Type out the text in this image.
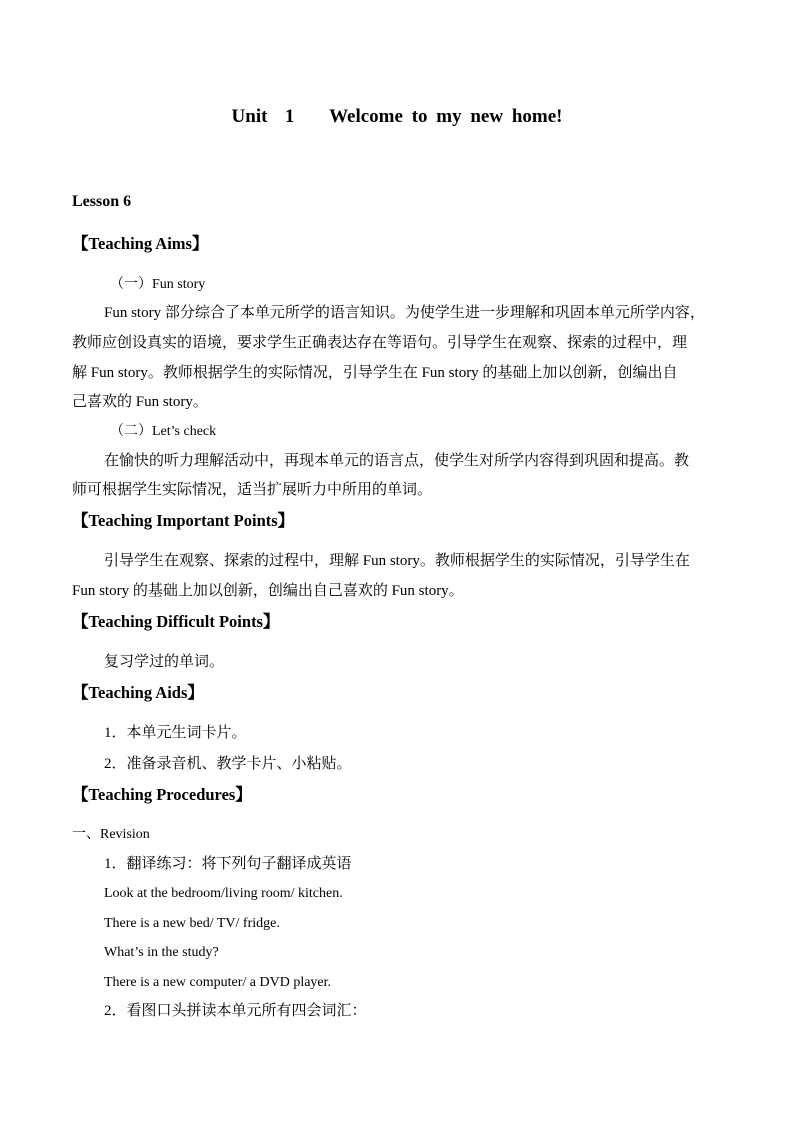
Unit  1    Welcome to my new home!
Lesson 6
【Teaching Aims】
（一）Fun story
Fun story 部分综合了本单元所学的语言知识。为使学生进一步理解和巩固本单元所学内容，
教师应创设真实的语境，要求学生正确表达存在等语句。引导学生在观察、探索的过程中，理
解 Fun story。教师根据学生的实际情况，引导学生在 Fun story 的基础上加以创新，创编出自
己喜欢的 Fun story。
（二）Let’s check
在愉快的听力理解活动中，再现本单元的语言点，使学生对所学内容得到巩固和提高。教
师可根据学生实际情况，适当扩展听力中所用的单词。
【Teaching Important Points】
引导学生在观察、探索的过程中，理解 Fun story。教师根据学生的实际情况，引导学生在
Fun story 的基础上加以创新，创编出自己喜欢的 Fun story。
【Teaching Difficult Points】
复习学过的单词。
【Teaching Aids】
1．本单元生词卡片。
2．准备录音机、教学卡片、小粘贴。
【Teaching Procedures】
一、Revision
1．翻译练习：将下列句子翻译成英语
Look at the bedroom/living room/ kitchen.
There is a new bed/ TV/ fridge.
What’s in the study?
There is a new computer/ a DVD player.
2．看图口头拼读本单元所有四会词汇：
